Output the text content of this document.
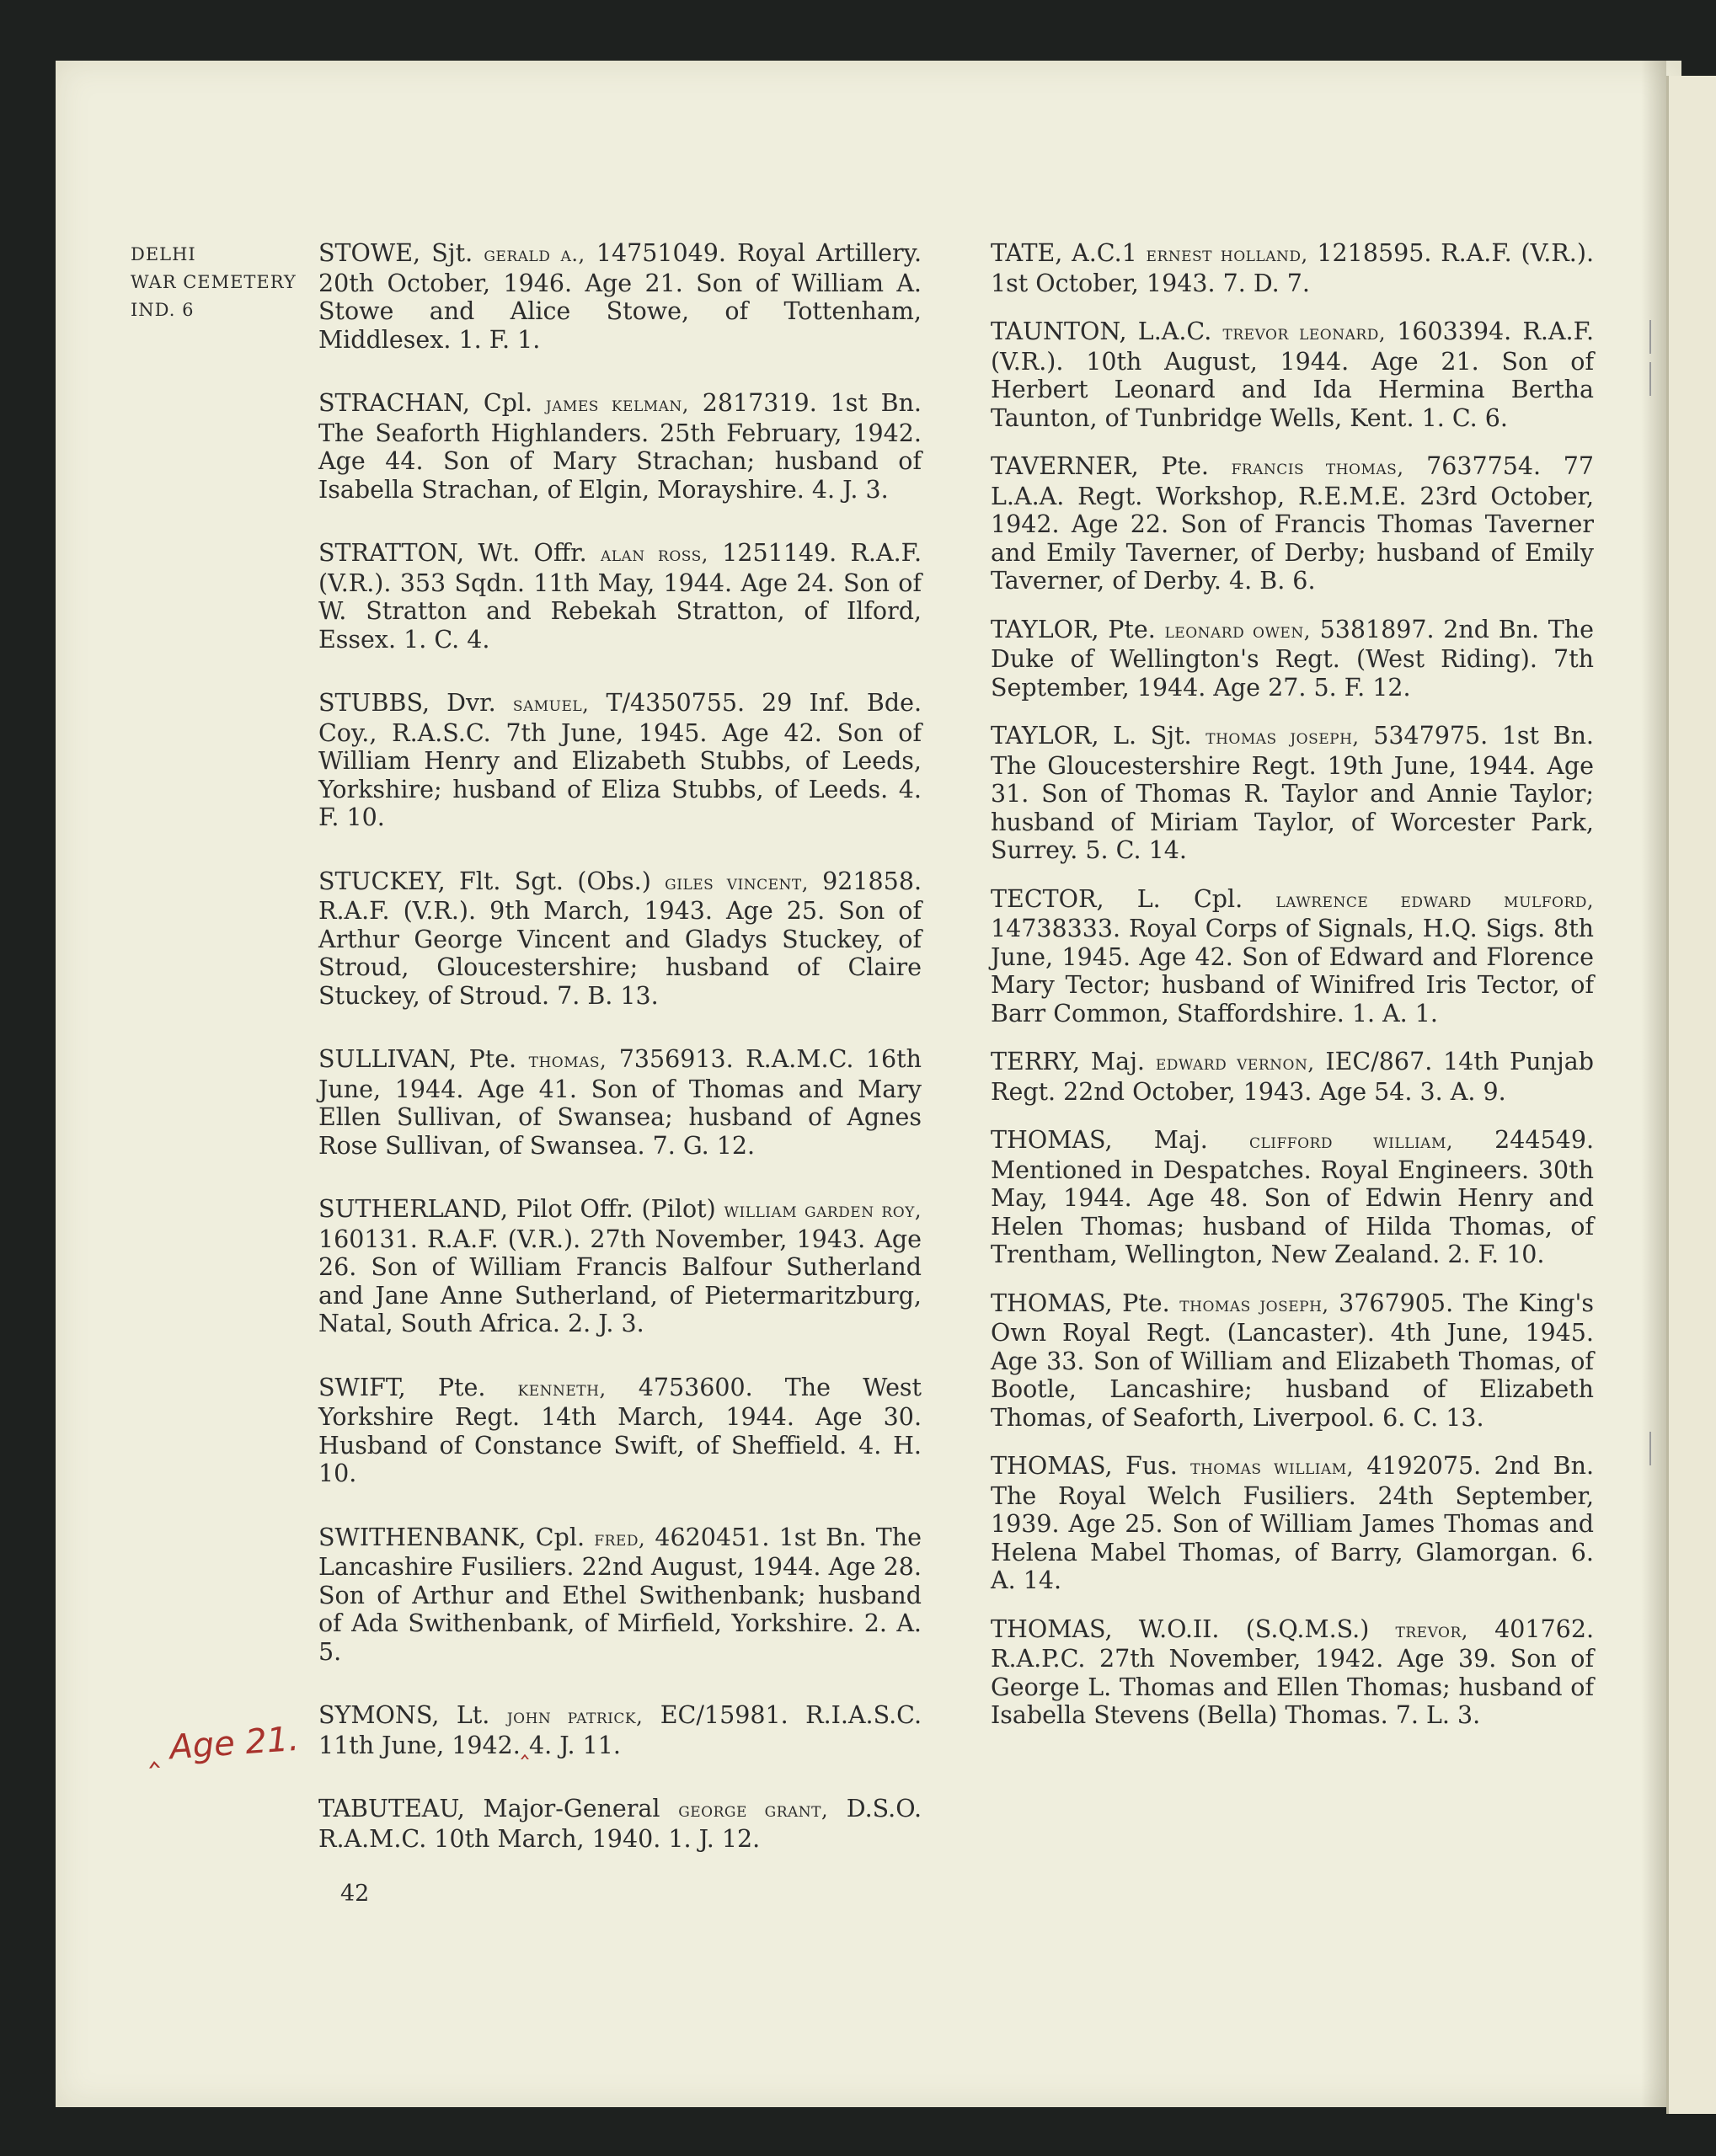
DELHI
WAR CEMETERY
IND. 6
‸ Age 21.

STOWE, Sjt. gerald a., 14751049. Royal Artillery. 20th October, 1946. Age 21. Son of William A. Stowe and Alice Stowe, of Tottenham, Middlesex. 1. F. 1.

STRACHAN, Cpl. james kelman, 2817319. 1st Bn. The Seaforth Highlanders. 25th February, 1942. Age 44. Son of Mary Strachan; husband of Isabella Strachan, of Elgin, Morayshire. 4. J. 3.

STRATTON, Wt. Offr. alan ross, 1251149. R.A.F. (V.R.). 353 Sqdn. 11th May, 1944. Age 24. Son of W. Stratton and Rebekah Stratton, of Ilford, Essex. 1. C. 4.

STUBBS, Dvr. samuel, T/4350755. 29 Inf. Bde. Coy., R.A.S.C. 7th June, 1945. Age 42. Son of William Henry and Elizabeth Stubbs, of Leeds, Yorkshire; husband of Eliza Stubbs, of Leeds. 4. F. 10.

STUCKEY, Flt. Sgt. (Obs.) giles vincent, 921858. R.A.F. (V.R.). 9th March, 1943. Age 25. Son of Arthur George Vincent and Gladys Stuckey, of Stroud, Gloucestershire; husband of Claire Stuckey, of Stroud. 7. B. 13.

SULLIVAN, Pte. thomas, 7356913. R.A.M.C. 16th June, 1944. Age 41. Son of Thomas and Mary Ellen Sullivan, of Swansea; husband of Agnes Rose Sullivan, of Swansea. 7. G. 12.

SUTHERLAND, Pilot Offr. (Pilot) william garden roy, 160131. R.A.F. (V.R.). 27th November, 1943. Age 26. Son of William Francis Balfour Sutherland and Jane Anne Sutherland, of Pietermaritzburg, Natal, South Africa. 2. J. 3.

SWIFT, Pte. kenneth, 4753600. The West Yorkshire Regt. 14th March, 1944. Age 30. Husband of Constance Swift, of Sheffield. 4. H. 10.

SWITHENBANK, Cpl. fred, 4620451. 1st Bn. The Lancashire Fusiliers. 22nd August, 1944. Age 28. Son of Arthur and Ethel Swithenbank; husband of Ada Swithenbank, of Mirfield, Yorkshire. 2. A. 5.

SYMONS, Lt. john patrick, EC/15981. R.I.A.S.C. 11th June, 1942.‸4. J. 11.

TABUTEAU, Major-General george grant, D.S.O. R.A.M.C. 10th March, 1940. 1. J. 12.

TATE, A.C.1 ernest holland, 1218595. R.A.F. (V.R.). 1st October, 1943. 7. D. 7.

TAUNTON, L.A.C. trevor leonard, 1603394. R.A.F. (V.R.). 10th August, 1944. Age 21. Son of Herbert Leonard and Ida Hermina Bertha Taunton, of Tunbridge Wells, Kent. 1. C. 6.

TAVERNER, Pte. francis thomas, 7637754. 77 L.A.A. Regt. Workshop, R.E.M.E. 23rd October, 1942. Age 22. Son of Francis Thomas Taverner and Emily Taverner, of Derby; husband of Emily Taverner, of Derby. 4. B. 6.

TAYLOR, Pte. leonard owen, 5381897. 2nd Bn. The Duke of Wellington's Regt. (West Riding). 7th September, 1944. Age 27. 5. F. 12.

TAYLOR, L. Sjt. thomas joseph, 5347975. 1st Bn. The Gloucestershire Regt. 19th June, 1944. Age 31. Son of Thomas R. Taylor and Annie Taylor; husband of Miriam Taylor, of Worcester Park, Surrey. 5. C. 14.

TECTOR, L. Cpl. lawrence edward mulford, 14738333. Royal Corps of Signals, H.Q. Sigs. 8th June, 1945. Age 42. Son of Edward and Florence Mary Tector; husband of Winifred Iris Tector, of Barr Common, Staffordshire. 1. A. 1.

TERRY, Maj. edward vernon, IEC/867. 14th Punjab Regt. 22nd October, 1943. Age 54. 3. A. 9.

THOMAS, Maj. clifford william, 244549. Mentioned in Despatches. Royal Engineers. 30th May, 1944. Age 48. Son of Edwin Henry and Helen Thomas; husband of Hilda Thomas, of Trentham, Wellington, New Zealand. 2. F. 10.

THOMAS, Pte. thomas joseph, 3767905. The King's Own Royal Regt. (Lancaster). 4th June, 1945. Age 33. Son of William and Elizabeth Thomas, of Bootle, Lancashire; husband of Elizabeth Thomas, of Seaforth, Liverpool. 6. C. 13.

THOMAS, Fus. thomas william, 4192075. 2nd Bn. The Royal Welch Fusiliers. 24th September, 1939. Age 25. Son of William James Thomas and Helena Mabel Thomas, of Barry, Glamorgan. 6. A. 14.

THOMAS, W.O.II. (S.Q.M.S.) trevor, 401762. R.A.P.C. 27th November, 1942. Age 39. Son of George L. Thomas and Ellen Thomas; husband of Isabella Stevens (Bella) Thomas. 7. L. 3.

42
